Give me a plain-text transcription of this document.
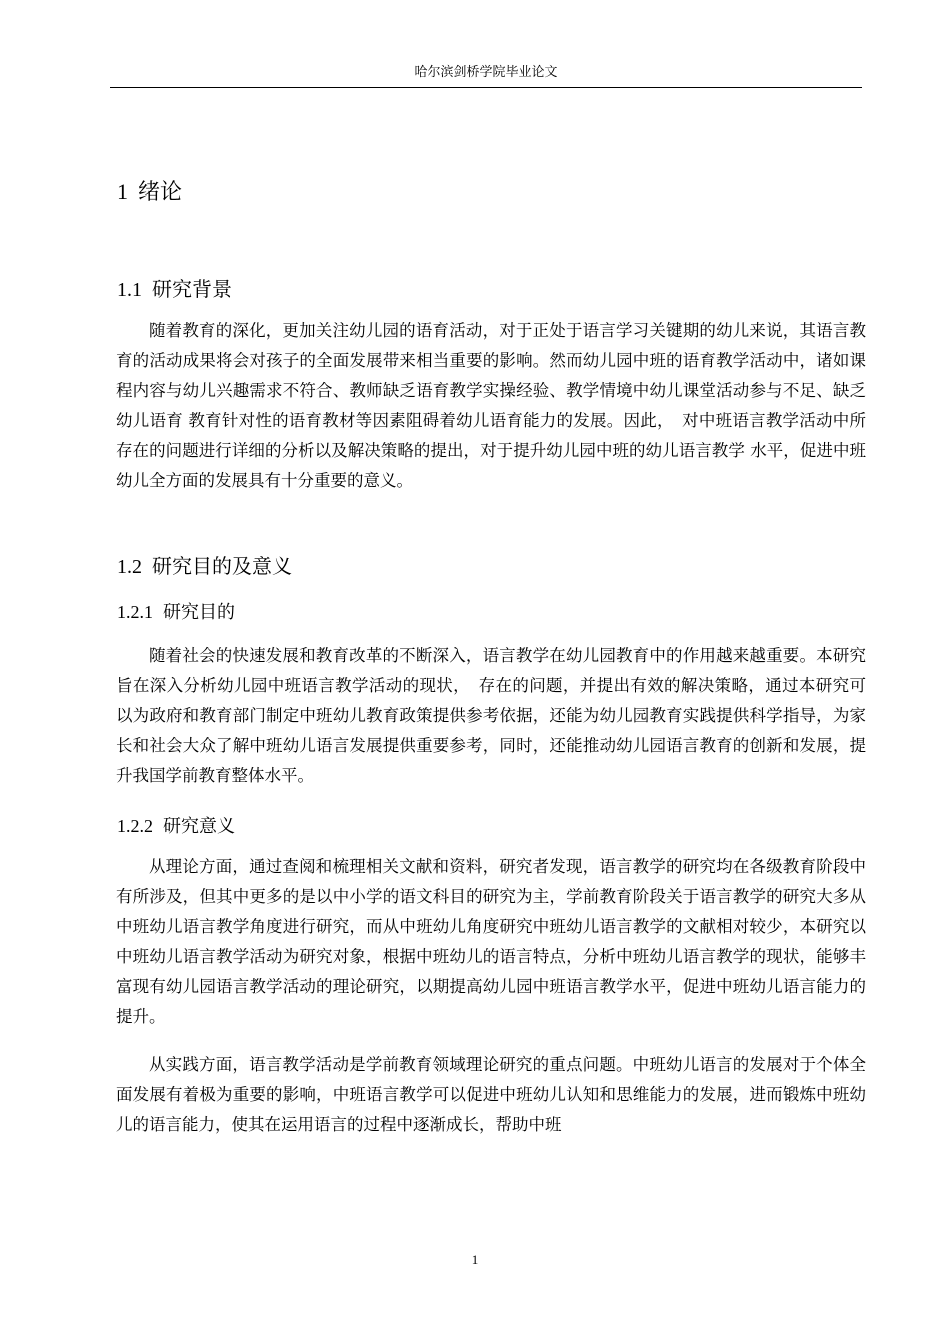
哈尔滨剑桥学院毕业论文
1 绪论
1.1 研究背景

随着教育的深化，更加关注幼儿园的语育活动，对于正处于语言学习关键期的幼儿来说，其语言教育的活动成果将会对孩子的全面发展带来相当重要的影响。然而幼儿园中班的语育教学活动中，诸如课程内容与幼儿兴趣需求不符合、教师缺乏语育教学实操经验、教学情境中幼儿课堂活动参与不足、缺乏幼儿语育 教育针对性的语育教材等因素阻碍着幼儿语育能力的发展。因此，　对中班语言教学活动中所存在的问题进行详细的分析以及解决策略的提出，对于提升幼儿园中班的幼儿语言教学 水平，促进中班幼儿全方面的发展具有十分重要的意义。

1.2 研究目的及意义
1.2.1 研究目的

随着社会的快速发展和教育改革的不断深入，语言教学在幼儿园教育中的作用越来越重要。本研究旨在深入分析幼儿园中班语言教学活动的现状，　存在的问题，并提出有效的解决策略，通过本研究可以为政府和教育部门制定中班幼儿教育政策提供参考依据，还能为幼儿园教育实践提供科学指导，为家长和社会大众了解中班幼儿语言发展提供重要参考，同时，还能推动幼儿园语言教育的创新和发展，提升我国学前教育整体水平。

1.2.2 研究意义

从理论方面，通过查阅和梳理相关文献和资料，研究者发现，语言教学的研究均在各级教育阶段中有所涉及，但其中更多的是以中小学的语文科目的研究为主，学前教育阶段关于语言教学的研究大多从中班幼儿语言教学角度进行研究，而从中班幼儿角度研究中班幼儿语言教学的文献相对较少，本研究以中班幼儿语言教学活动为研究对象，根据中班幼儿的语言特点，分析中班幼儿语言教学的现状，能够丰富现有幼儿园语言教学活动的理论研究，以期提高幼儿园中班语言教学水平，促进中班幼儿语言能力的提升。

从实践方面，语言教学活动是学前教育领域理论研究的重点问题。中班幼儿语言的发展对于个体全面发展有着极为重要的影响，中班语言教学可以促进中班幼儿认知和思维能力的发展，进而锻炼中班幼儿的语言能力，使其在运用语言的过程中逐渐成长，帮助中班

1
